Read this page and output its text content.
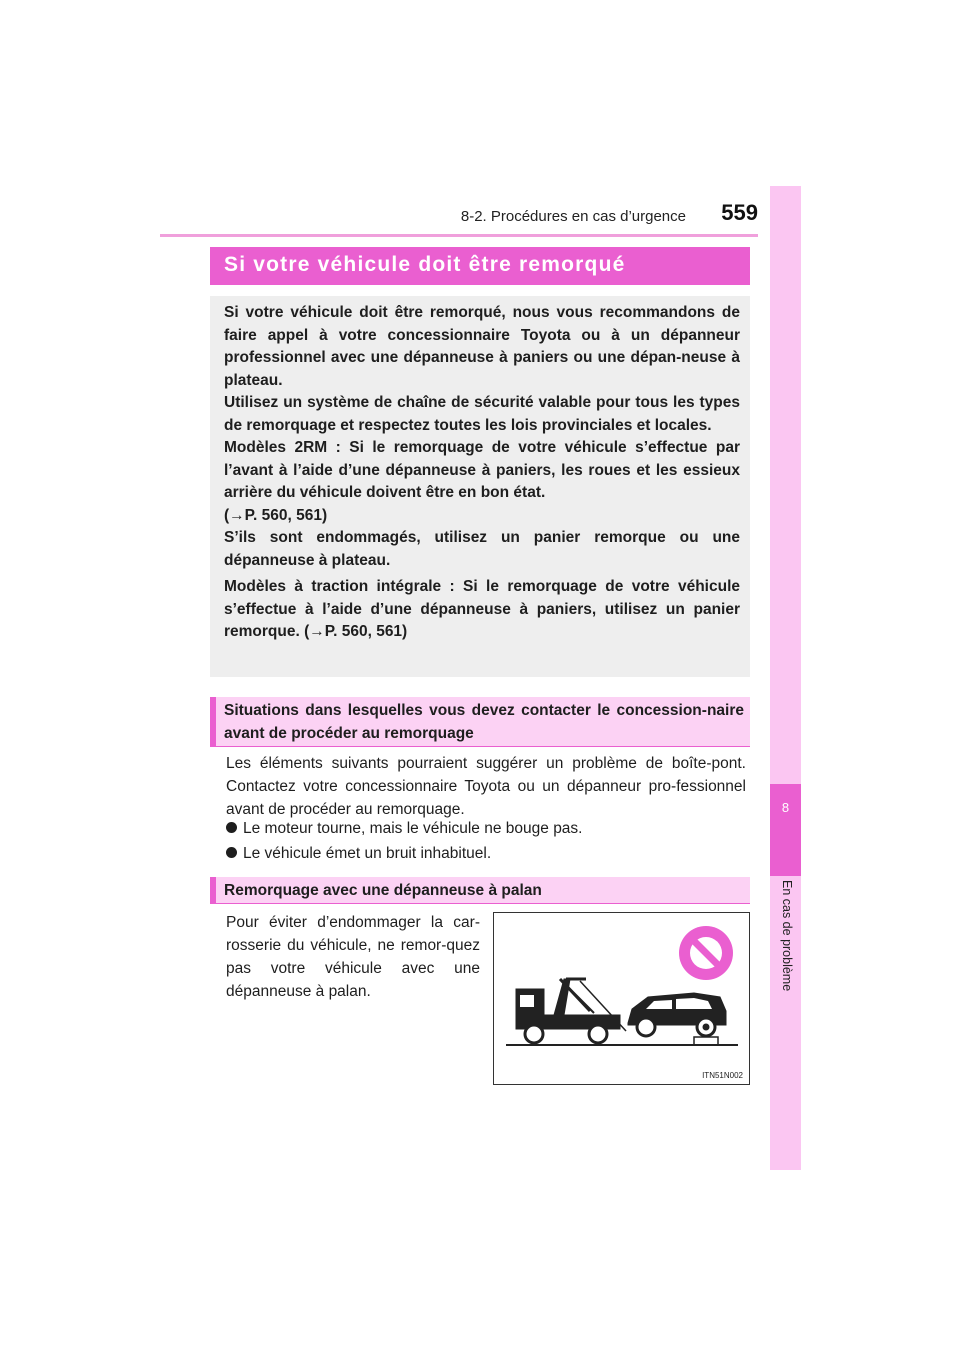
8-2. Procédures en cas d’urgence 559
8
En cas de problème
Si votre véhicule doit être remorqué

Si votre véhicule doit être remorqué, nous vous recommandons de faire appel à votre concessionnaire Toyota ou à un dépanneur professionnel avec une dépanneuse à paniers ou une dépan-neuse à plateau.

Utilisez un système de chaîne de sécurité valable pour tous les types de remorquage et respectez toutes les lois provinciales et locales.

Modèles 2RM : Si le remorquage de votre véhicule s’effectue par l’avant à l’aide d’une dépanneuse à paniers, les roues et les essieux arrière du véhicule doivent être en bon état.

(→P. 560, 561)

S’ils sont endommagés, utilisez un panier remorque ou une dépanneuse à plateau.

Modèles à traction intégrale : Si le remorquage de votre véhicule s’effectue à l’aide d’une dépanneuse à paniers, utilisez un panier remorque. (→P. 560, 561)

Situations dans lesquelles vous devez contacter le concession-naire avant de procéder au remorquage

Les éléments suivants pourraient suggérer un problème de boîte-pont. Contactez votre concessionnaire Toyota ou un dépanneur pro-fessionnel avant de procéder au remorquage.

Le moteur tourne, mais le véhicule ne bouge pas.
Le véhicule émet un bruit inhabituel.
Remorquage avec une dépanneuse à palan

Pour éviter d’endommager la car-rosserie du véhicule, ne remor-quez pas votre véhicule avec une dépanneuse à palan.

ITN51N002
